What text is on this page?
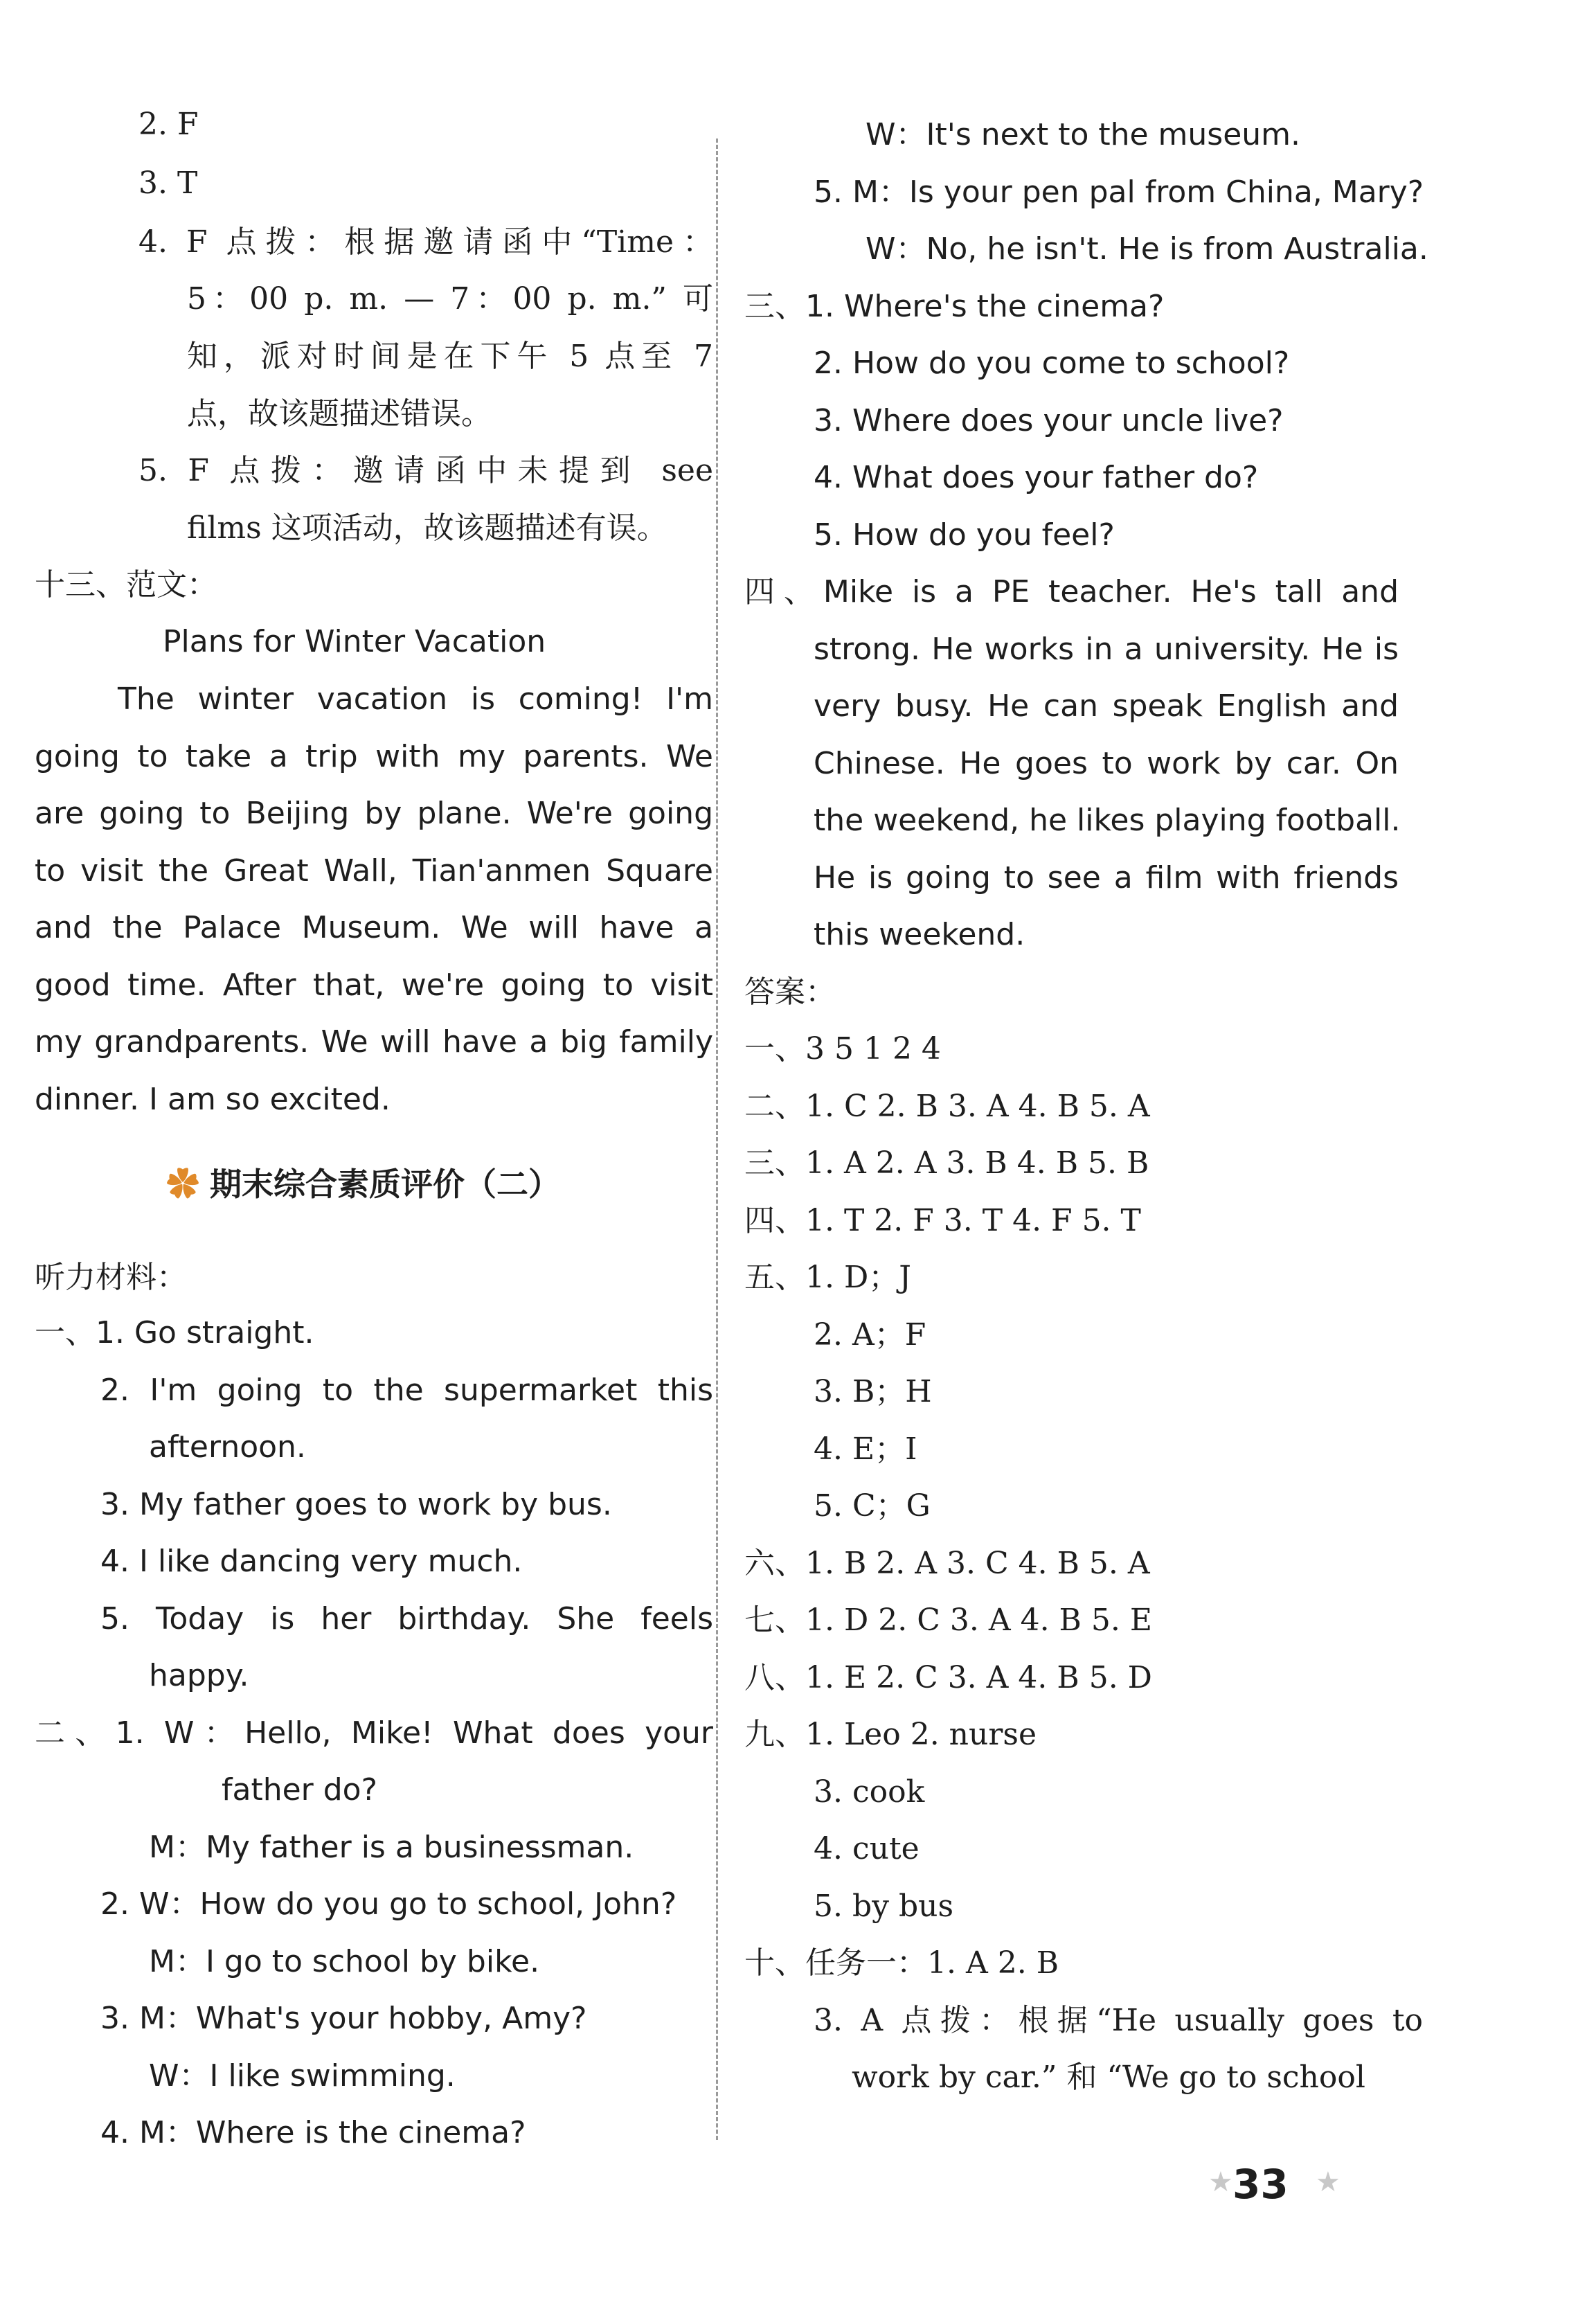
2. F
3. T
4. F 点拨：根据邀请函中“Time：
5：00 p. m. — 7：00 p. m.” 可
知，派对时间是在下午 5 点至 7
点，故该题描述错误。
5. F 点拨：邀请函中未提到 see
films 这项活动，故该题描述有误。
十三、范文：
Plans for Winter Vacation
The winter vacation is coming! I'm
going to take a trip with my parents. We
are going to Beijing by plane. We're going
to visit the Great Wall, Tian'anmen Square
and the Palace Museum. We will have a
good time. After that, we're going to visit
my grandparents. We will have a big family
dinner. I am so excited.
听力材料：
一、1. Go straight.
2. I'm going to the supermarket this
afternoon.
3. My father goes to work by bus.
4. I like dancing very much.
5. Today is her birthday. She feels
happy.
二、1. W：Hello, Mike! What does your
father do?
M：My father is a businessman.
2. W：How do you go to school, John?
M：I go to school by bike.
3. M：What's your hobby, Amy?
W：I like swimming.
4. M：Where is the cinema?
W：It's next to the museum.
5. M：Is your pen pal from China, Mary?
W：No, he isn't. He is from Australia.
三、1. Where's the cinema?
2. How do you come to school?
3. Where does your uncle live?
4. What does your father do?
5. How do you feel?
四、Mike is a PE teacher. He's tall and
strong. He works in a university. He is
very busy. He can speak English and
Chinese. He goes to work by car. On
the weekend, he likes playing football.
He is going to see a film with friends
this weekend.
答案：
一、3 5 1 2 4
二、1. C 2. B 3. A 4. B 5. A
三、1. A 2. A 3. B 4. B 5. B
四、1. T 2. F 3. T 4. F 5. T
五、1. D；J
2. A；F
3. B；H
4. E；I
5. C；G
六、1. B 2. A 3. C 4. B 5. A
七、1. D 2. C 3. A 4. B 5. E
八、1. E 2. C 3. A 4. B 5. D
九、1. Leo 2. nurse
3. cook
4. cute
5. by bus
十、任务一：1. A 2. B
3. A 点拨：根据“He usually goes to
work by car.” 和 “We go to school
✿ 期末综合素质评价（二）
★ 33 ★
